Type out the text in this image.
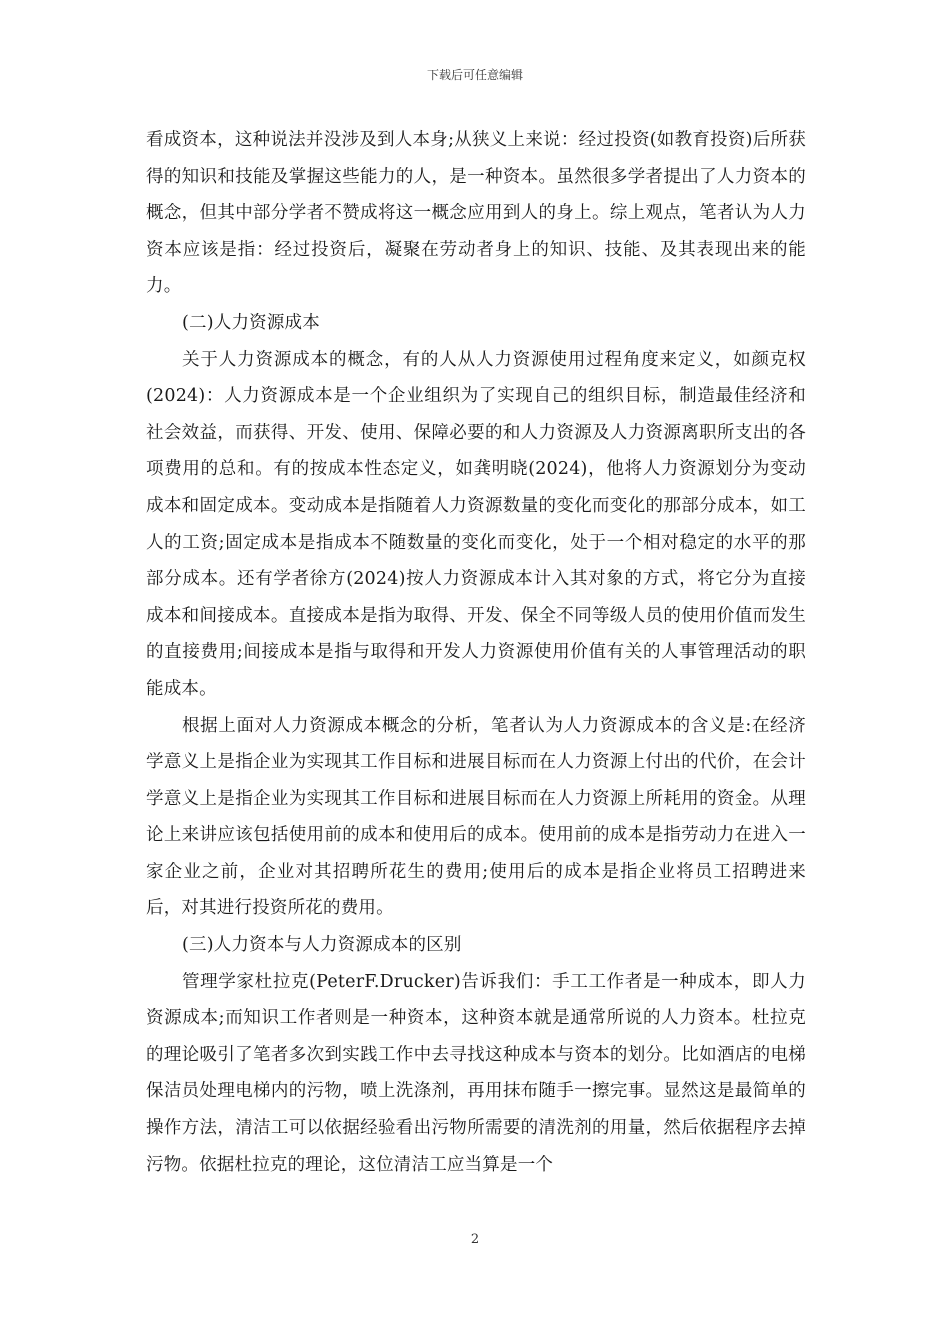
下载后可任意编辑

看成资本，这种说法并没涉及到人本身;从狭义上来说：经过投资(如教育投资)后所获得的知识和技能及掌握这些能力的人，是一种资本。虽然很多学者提出了人力资本的概念，但其中部分学者不赞成将这一概念应用到人的身上。综上观点，笔者认为人力资本应该是指：经过投资后，凝聚在劳动者身上的知识、技能、及其表现出来的能力。

(二)人力资源成本

关于人力资源成本的概念，有的人从人力资源使用过程角度来定义，如颜克权(2024)：人力资源成本是一个企业组织为了实现自己的组织目标，制造最佳经济和社会效益，而获得、开发、使用、保障必要的和人力资源及人力资源离职所支出的各项费用的总和。有的按成本性态定义，如龚明晓(2024)，他将人力资源划分为变动成本和固定成本。变动成本是指随着人力资源数量的变化而变化的那部分成本，如工人的工资;固定成本是指成本不随数量的变化而变化，处于一个相对稳定的水平的那部分成本。还有学者徐方(2024)按人力资源成本计入其对象的方式，将它分为直接成本和间接成本。直接成本是指为取得、开发、保全不同等级人员的使用价值而发生的直接费用;间接成本是指与取得和开发人力资源使用价值有关的人事管理活动的职能成本。

根据上面对人力资源成本概念的分析，笔者认为人力资源成本的含义是:在经济学意义上是指企业为实现其工作目标和进展目标而在人力资源上付出的代价，在会计学意义上是指企业为实现其工作目标和进展目标而在人力资源上所耗用的资金。从理论上来讲应该包括使用前的成本和使用后的成本。使用前的成本是指劳动力在进入一家企业之前，企业对其招聘所花生的费用;使用后的成本是指企业将员工招聘进来后，对其进行投资所花的费用。

(三)人力资本与人力资源成本的区别

管理学家杜拉克(PeterF.Drucker)告诉我们：手工工作者是一种成本，即人力资源成本;而知识工作者则是一种资本，这种资本就是通常所说的人力资本。杜拉克的理论吸引了笔者多次到实践工作中去寻找这种成本与资本的划分。比如酒店的电梯保洁员处理电梯内的污物，喷上洗涤剂，再用抹布随手一擦完事。显然这是最简单的操作方法，清洁工可以依据经验看出污物所需要的清洗剂的用量，然后依据程序去掉污物。依据杜拉克的理论，这位清洁工应当算是一个

2
